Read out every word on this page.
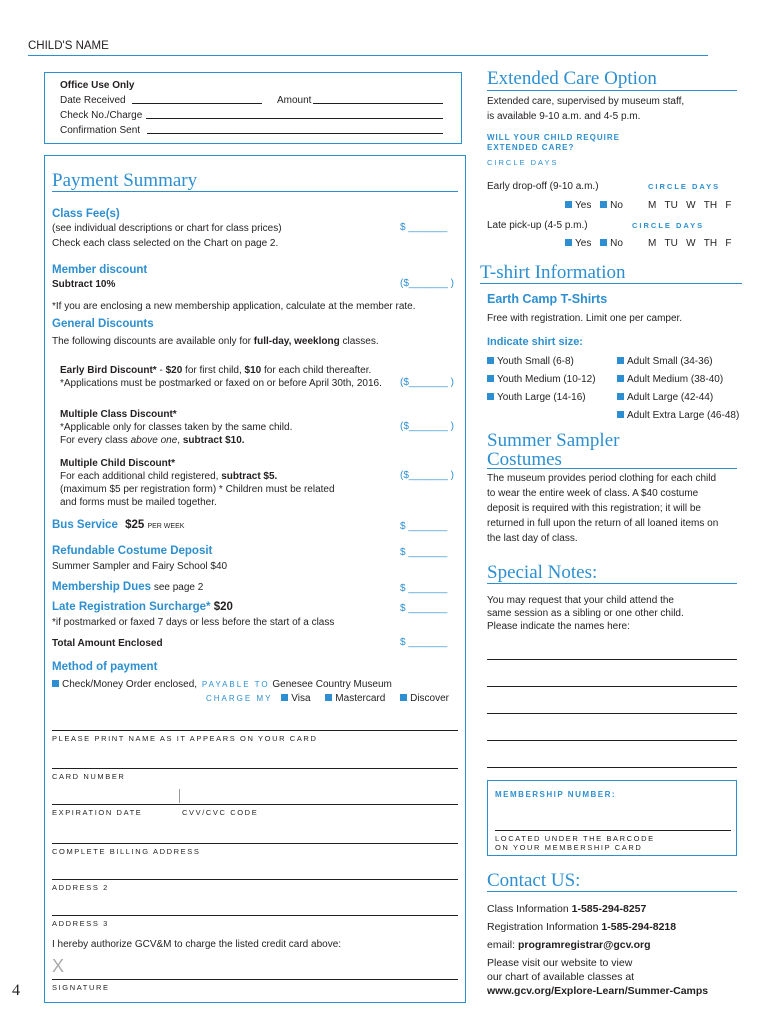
CHILD'S NAME
Office Use Only
Date Received	Amount
Check No./Charge
Confirmation Sent
Payment Summary
Class Fee(s)
(see individual descriptions or chart for class prices)	$ _______
Check each class selected on the Chart on page 2.
Member discount
Subtract 10%	($_______ )
*If you are enclosing a new membership application, calculate at the member rate.
General Discounts
The following discounts are available only for full-day, weeklong classes.
Early Bird Discount* - $20 for first child, $10 for each child thereafter.
*Applications must be postmarked or faxed on or before April 30th, 2016. ($_______ )
Multiple Class Discount*
*Applicable only for classes taken by the same child.	($_______ )
For every class above one, subtract $10.
Multiple Child Discount*
For each additional child registered, subtract $5.	($_______ )
(maximum $5 per registration form) * Children must be related
and forms must be mailed together.
Bus Service $25 PER WEEK	$ _______
Refundable Costume Deposit	$ _______
Summer Sampler and Fairy School $40
Membership Dues see page 2	$ _______
Late Registration Surcharge* $20	$ _______
*if postmarked or faxed 7 days or less before the start of a class
Total Amount Enclosed	$ _______
Method of payment
Check/Money Order enclosed, PAYABLE TO Genesee Country Museum
CHARGE MY Visa Mastercard Discover
PLEASE PRINT NAME AS IT APPEARS ON YOUR CARD
CARD NUMBER
EXPIRATION DATE	CVV/CVC CODE
COMPLETE BILLING ADDRESS
ADDRESS 2
ADDRESS 3
I hereby authorize GCV&M to charge the listed credit card above:
X
SIGNATURE
4
Extended Care Option
Extended care, supervised by museum staff,
is available 9-10 a.m. and 4-5 p.m.
WILL YOUR CHILD REQUIRE
EXTENDED CARE?
CIRCLE DAYS
Early drop-off (9-10 a.m.)	CIRCLE DAYS
Yes No	M   TU   W   TH   F
Late pick-up (4-5 p.m.)	CIRCLE DAYS
Yes No	M   TU   W   TH   F
T-shirt Information
Earth Camp T-Shirts
Free with registration. Limit one per camper.
Indicate shirt size:
Youth Small (6-8)
Youth Medium (10-12)
Youth Large (14-16)
Adult Small (34-36)
Adult Medium (38-40)
Adult Large (42-44)
Adult Extra Large (46-48)
Summer Sampler
Costumes
The museum provides period clothing for each child
to wear the entire week of class. A $40 costume
deposit is required with this registration; it will be
returned in full upon the return of all loaned items on
the last day of class.
Special Notes:
You may request that your child attend the
same session as a sibling or one other child.
Please indicate the names here:
MEMBERSHIP NUMBER:
LOCATED UNDER THE BARCODE
ON YOUR MEMBERSHIP CARD
Contact US:
Class Information 1-585-294-8257
Registration Information 1-585-294-8218
email: programregistrar@gcv.org
Please visit our website to view
our chart of available classes at
www.gcv.org/Explore-Learn/Summer-Camps
